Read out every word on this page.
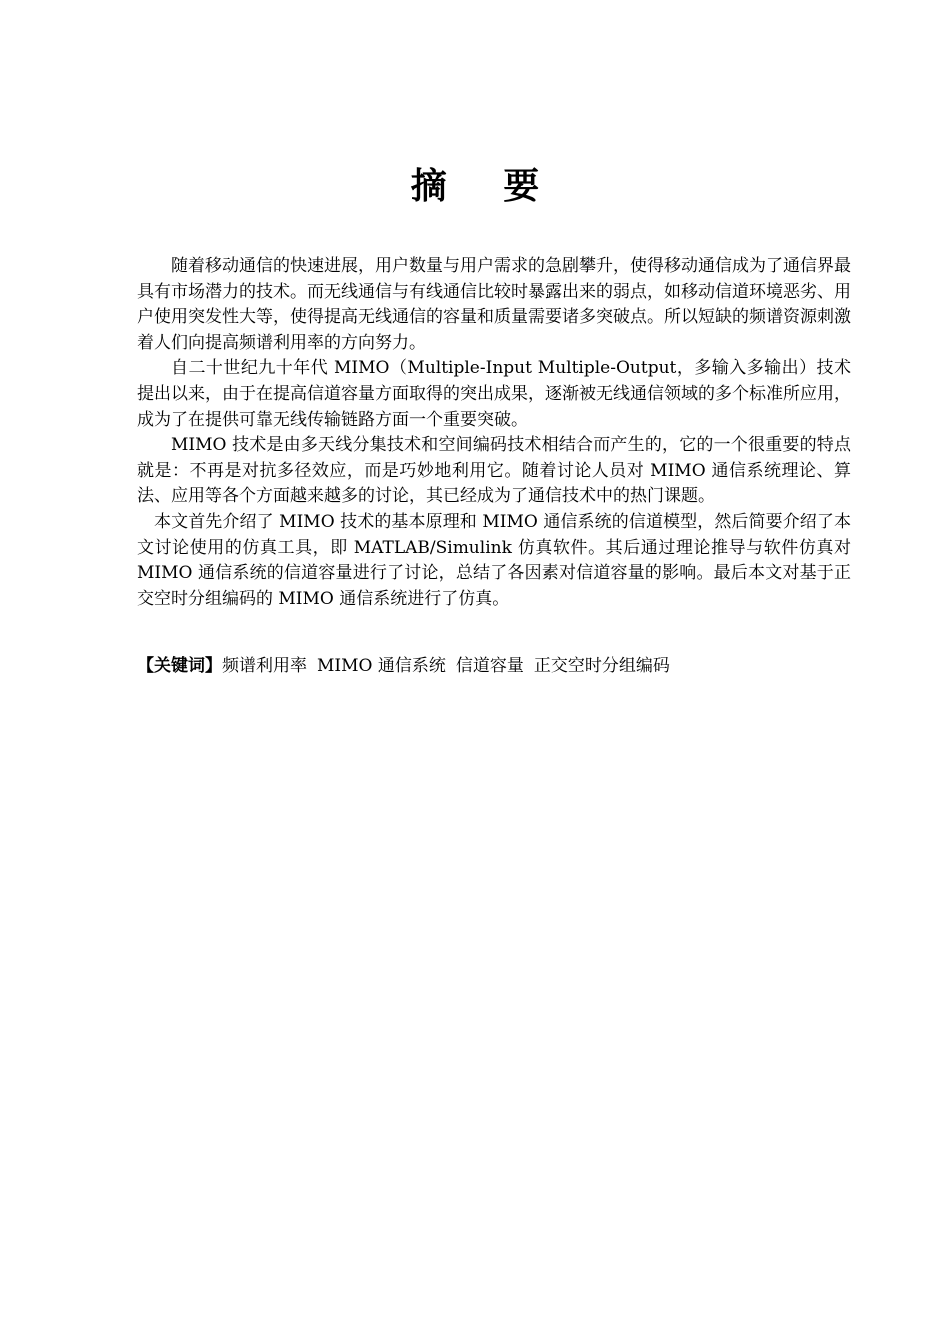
摘 要

随着移动通信的快速进展，用户数量与用户需求的急剧攀升，使得移动通信成为了通信界最具有市场潜力的技术。而无线通信与有线通信比较时暴露出来的弱点，如移动信道环境恶劣、用户使用突发性大等，使得提高无线通信的容量和质量需要诸多突破点。所以短缺的频谱资源刺激着人们向提高频谱利用率的方向努力。

自二十世纪九十年代 MIMO（Multiple-Input Multiple-Output，多输入多输出）技术提出以来，由于在提高信道容量方面取得的突出成果，逐渐被无线通信领域的多个标准所应用，成为了在提供可靠无线传输链路方面一个重要突破。

MIMO 技术是由多天线分集技术和空间编码技术相结合而产生的，它的一个很重要的特点就是：不再是对抗多径效应，而是巧妙地利用它。随着讨论人员对 MIMO 通信系统理论、算法、应用等各个方面越来越多的讨论，其已经成为了通信技术中的热门课题。

本文首先介绍了 MIMO 技术的基本原理和 MIMO 通信系统的信道模型，然后简要介绍了本文讨论使用的仿真工具，即 MATLAB/Simulink 仿真软件。其后通过理论推导与软件仿真对 MIMO 通信系统的信道容量进行了讨论，总结了各因素对信道容量的影响。最后本文对基于正交空时分组编码的 MIMO 通信系统进行了仿真。

【关键词】频谱利用率 MIMO 通信系统 信道容量 正交空时分组编码
